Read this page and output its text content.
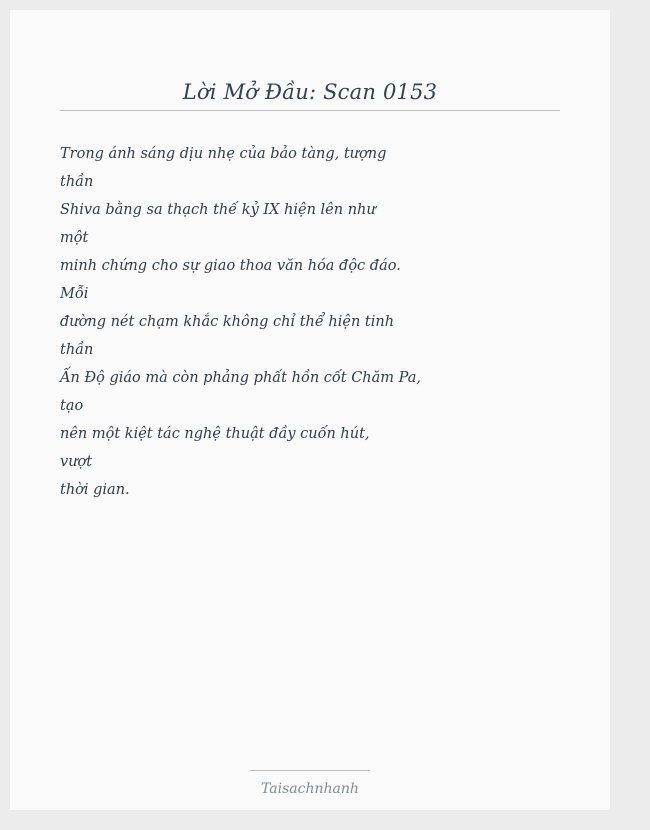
Lời Mở Đầu: Scan 0153
Trong ánh sáng dịu nhẹ của bảo tàng, tượng
thần
Shiva bằng sa thạch thế kỷ IX hiện lên như
một
minh chứng cho sự giao thoa văn hóa độc đáo.
Mỗi
đường nét chạm khắc không chỉ thể hiện tinh
thần
Ấn Độ giáo mà còn phảng phất hồn cốt Chăm Pa,
tạo
nên một kiệt tác nghệ thuật đầy cuốn hút,
vượt
thời gian.
Taisachnhanh
